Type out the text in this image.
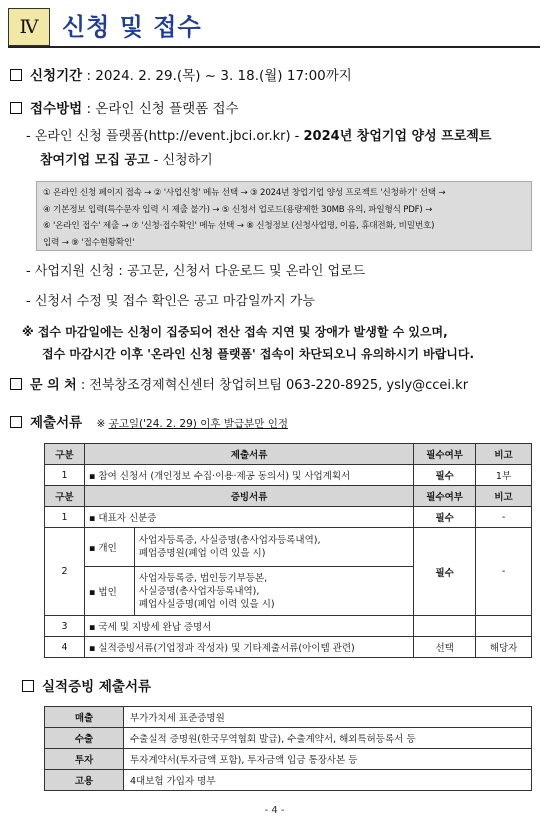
Ⅳ 신청 및 접수
신청기간 : 2024. 2. 29.(목) ~ 3. 18.(월) 17:00까지
접수방법 : 온라인 신청 플랫폼 접수
- 온라인 신청 플랫폼(http://event.jbci.or.kr) - 2024년 창업기업 양성 프로젝트
참여기업 모집 공고 - 신청하기
① 온라인 신청 페이지 접속 → ② '사업신청' 메뉴 선택 → ③ 2024년 창업기업 양성 프로젝트 '신청하기' 선택 →
④ 기본정보 입력(특수문자 입력 시 제출 불가) → ⑤ 신청서 업로드(용량제한 30MB 유의, 파일형식 PDF) →
⑥ '온라인 접수' 제출 → ⑦ '신청·접수확인' 메뉴 선택 → ⑧ 신청정보 (신청사업명, 이름, 휴대전화, 비밀번호)
입력 → ⑨ '접수현황확인'
- 사업지원 신청 : 공고문, 신청서 다운로드 및 온라인 업로드
- 신청서 수정 및 접수 확인은 공고 마감일까지 가능
※ 접수 마감일에는 신청이 집중되어 전산 접속 지연 및 장애가 발생할 수 있으며,
접수 마감시간 이후 '온라인 신청 플랫폼' 접속이 차단되오니 유의하시기 바랍니다.
문 의 처 : 전북창조경제혁신센터 창업허브팀 063-220-8925, ysly@ccei.kr
제출서류 ※ 공고일('24. 2. 29) 이후 발급분만 인정
구분	제출서류		필수여부	비고
1	▪ 참여 신청서 (개인정보 수집·이용·제공 동의서) 및 사업계획서		필수	1부
구분	증빙서류		필수여부	비고
1	▪ 대표자 신분증		필수	-
2	▪ 개인	사업자등록증, 사실증명(총사업자등록내역),
폐업증명원(폐업 이력 있을 시)	필수	-
	▪ 법인	사업자등록증, 법인등기부등본,
사실증명(총사업자등록내역),
폐업사실증명(폐업 이력 있을 시)		

3	▪ 국세 및 지방세 완납 증명서			
4	▪ 실적증빙서류(기업정과 작성자) 및 기타제출서류(아이템 관련)		선택	해당자
실적증빙 제출서류
매출	부가가치세 표준증명원
수출	수출실적 증명원(한국무역협회 발급), 수출계약서, 해외특허등록서 등
투자	투자계약서(투자금액 포함), 투자금액 입금 통장사본 등
고용	4대보험 가입자 명부
- 4 -
